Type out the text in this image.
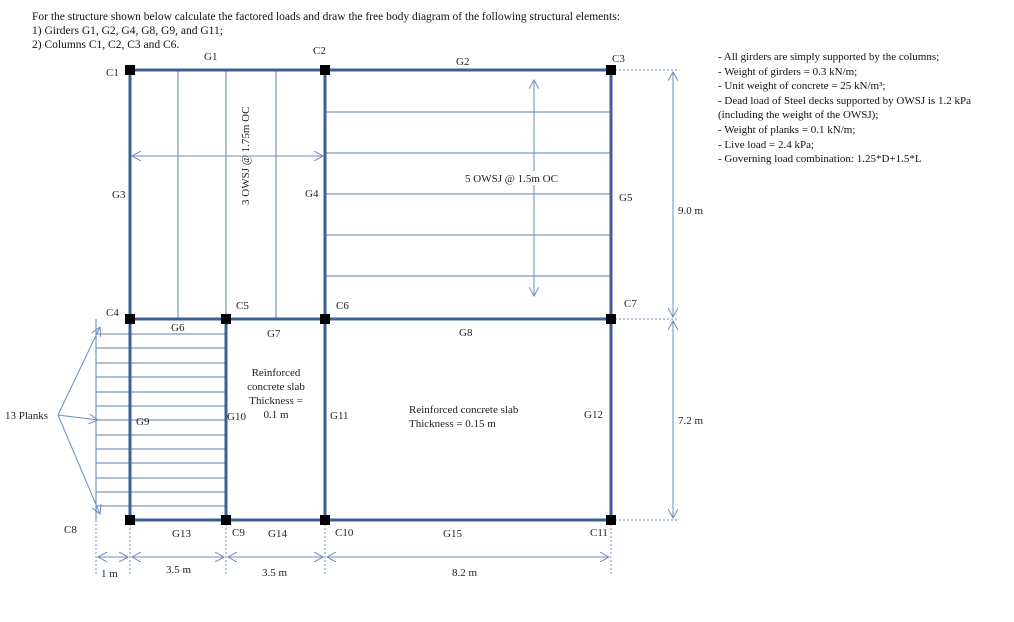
For the structure shown below calculate the factored loads and draw the free body diagram of the following structural elements:
1) Girders G1, G2, G4, G8, G9, and G11;
2) Columns C1, C2, C3 and C6.
- All girders are simply supported by the columns;
- Weight of girders = 0.3 kN/m;
- Unit weight of concrete = 25 kN/m³;
- Dead load of Steel decks supported by OWSJ is 1.2 kPa
(including the weight of the OWSJ);
- Weight of planks = 0.1 kN/m;
- Live load = 2.4 kPa;
- Governing load combination: 1.25*D+1.5*L
C1
C2
C3
C4
C5	C6	C7
C8	C9	C10	C11
G1	G2
G3	G4	G5
G6	G7	G8
G9	G10	G11	G12
G13	G14	G15
3 OWSJ @ 1.75m OC	5 OWSJ @ 1.5m OC
13 Planks
Reinforced
concrete slab
Thickness =
0.1 m	Reinforced concrete slab
Thickness = 0.15 m
1 m	3.5 m	3.5 m	8.2 m
9.0 m
7.2 m
